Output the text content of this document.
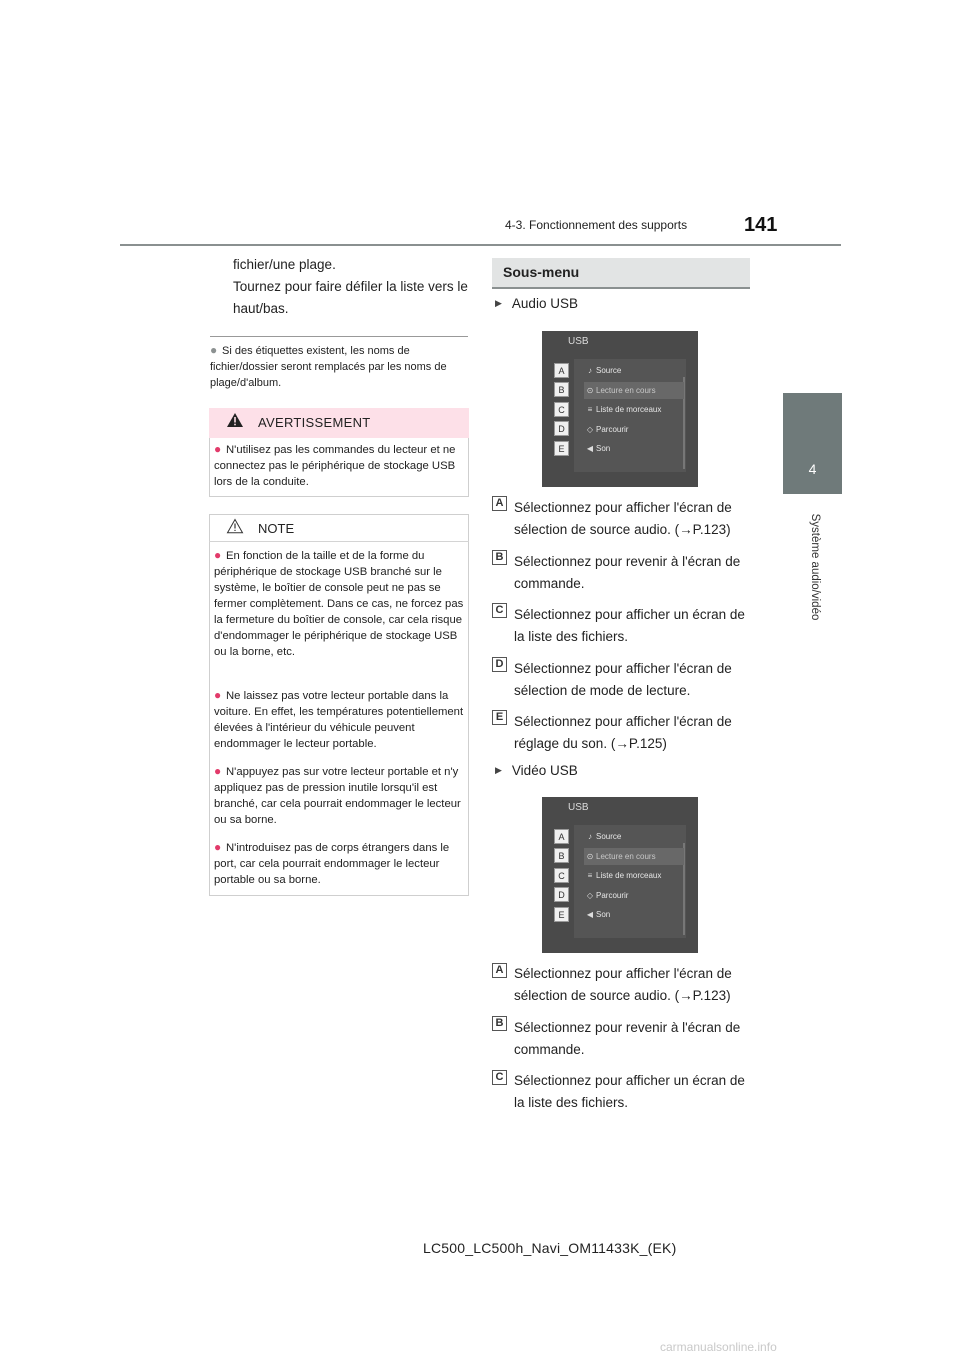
4-3. Fonctionnement des supports	141
4
Système audio/vidéo
fichier/une plage.
Tournez pour faire défiler la liste vers le haut/bas.
● Si des étiquettes existent, les noms de fichier/dossier seront remplacés par les noms de plage/d'album.
AVERTISSEMENT
● N'utilisez pas les commandes du lecteur et ne connectez pas le périphérique de stockage USB lors de la conduite.
NOTE
● En fonction de la taille et de la forme du périphérique de stockage USB branché sur le système, le boîtier de console peut ne pas se fermer complètement. Dans ce cas, ne forcez pas la fermeture du boîtier de console, car cela risque d'endommager le périphérique de stockage USB ou la borne, etc.
● Ne laissez pas votre lecteur portable dans la voiture. En effet, les températures potentiellement élevées à l'intérieur du véhicule peuvent endommager le lecteur portable.
● N'appuyez pas sur votre lecteur portable et n'y appliquez pas de pression inutile lorsqu'il est branché, car cela pourrait endommager le lecteur ou sa borne.
● N'introduisez pas de corps étrangers dans le port, car cela pourrait endommager le lecteur portable ou sa borne.
Sous-menu
▶ Audio USB
USB
A
B
C
D
E
♪ Source
⊙ Lecture en cours
≡ Liste de morceaux
◇ Parcourir
◀ Son
A Sélectionnez pour afficher l'écran de sélection de source audio. (→P.123)
B Sélectionnez pour revenir à l'écran de commande.
C Sélectionnez pour afficher un écran de la liste des fichiers.
D Sélectionnez pour afficher l'écran de sélection de mode de lecture.
E Sélectionnez pour afficher l'écran de réglage du son. (→P.125)
▶ Vidéo USB
USB
A
B
C
D
E
♪ Source
⊙ Lecture en cours
≡ Liste de morceaux
◇ Parcourir
◀ Son
A Sélectionnez pour afficher l'écran de sélection de source audio. (→P.123)
B Sélectionnez pour revenir à l'écran de commande.
C Sélectionnez pour afficher un écran de la liste des fichiers.
LC500_LC500h_Navi_OM11433K_(EK)
carmanualsonline.info
